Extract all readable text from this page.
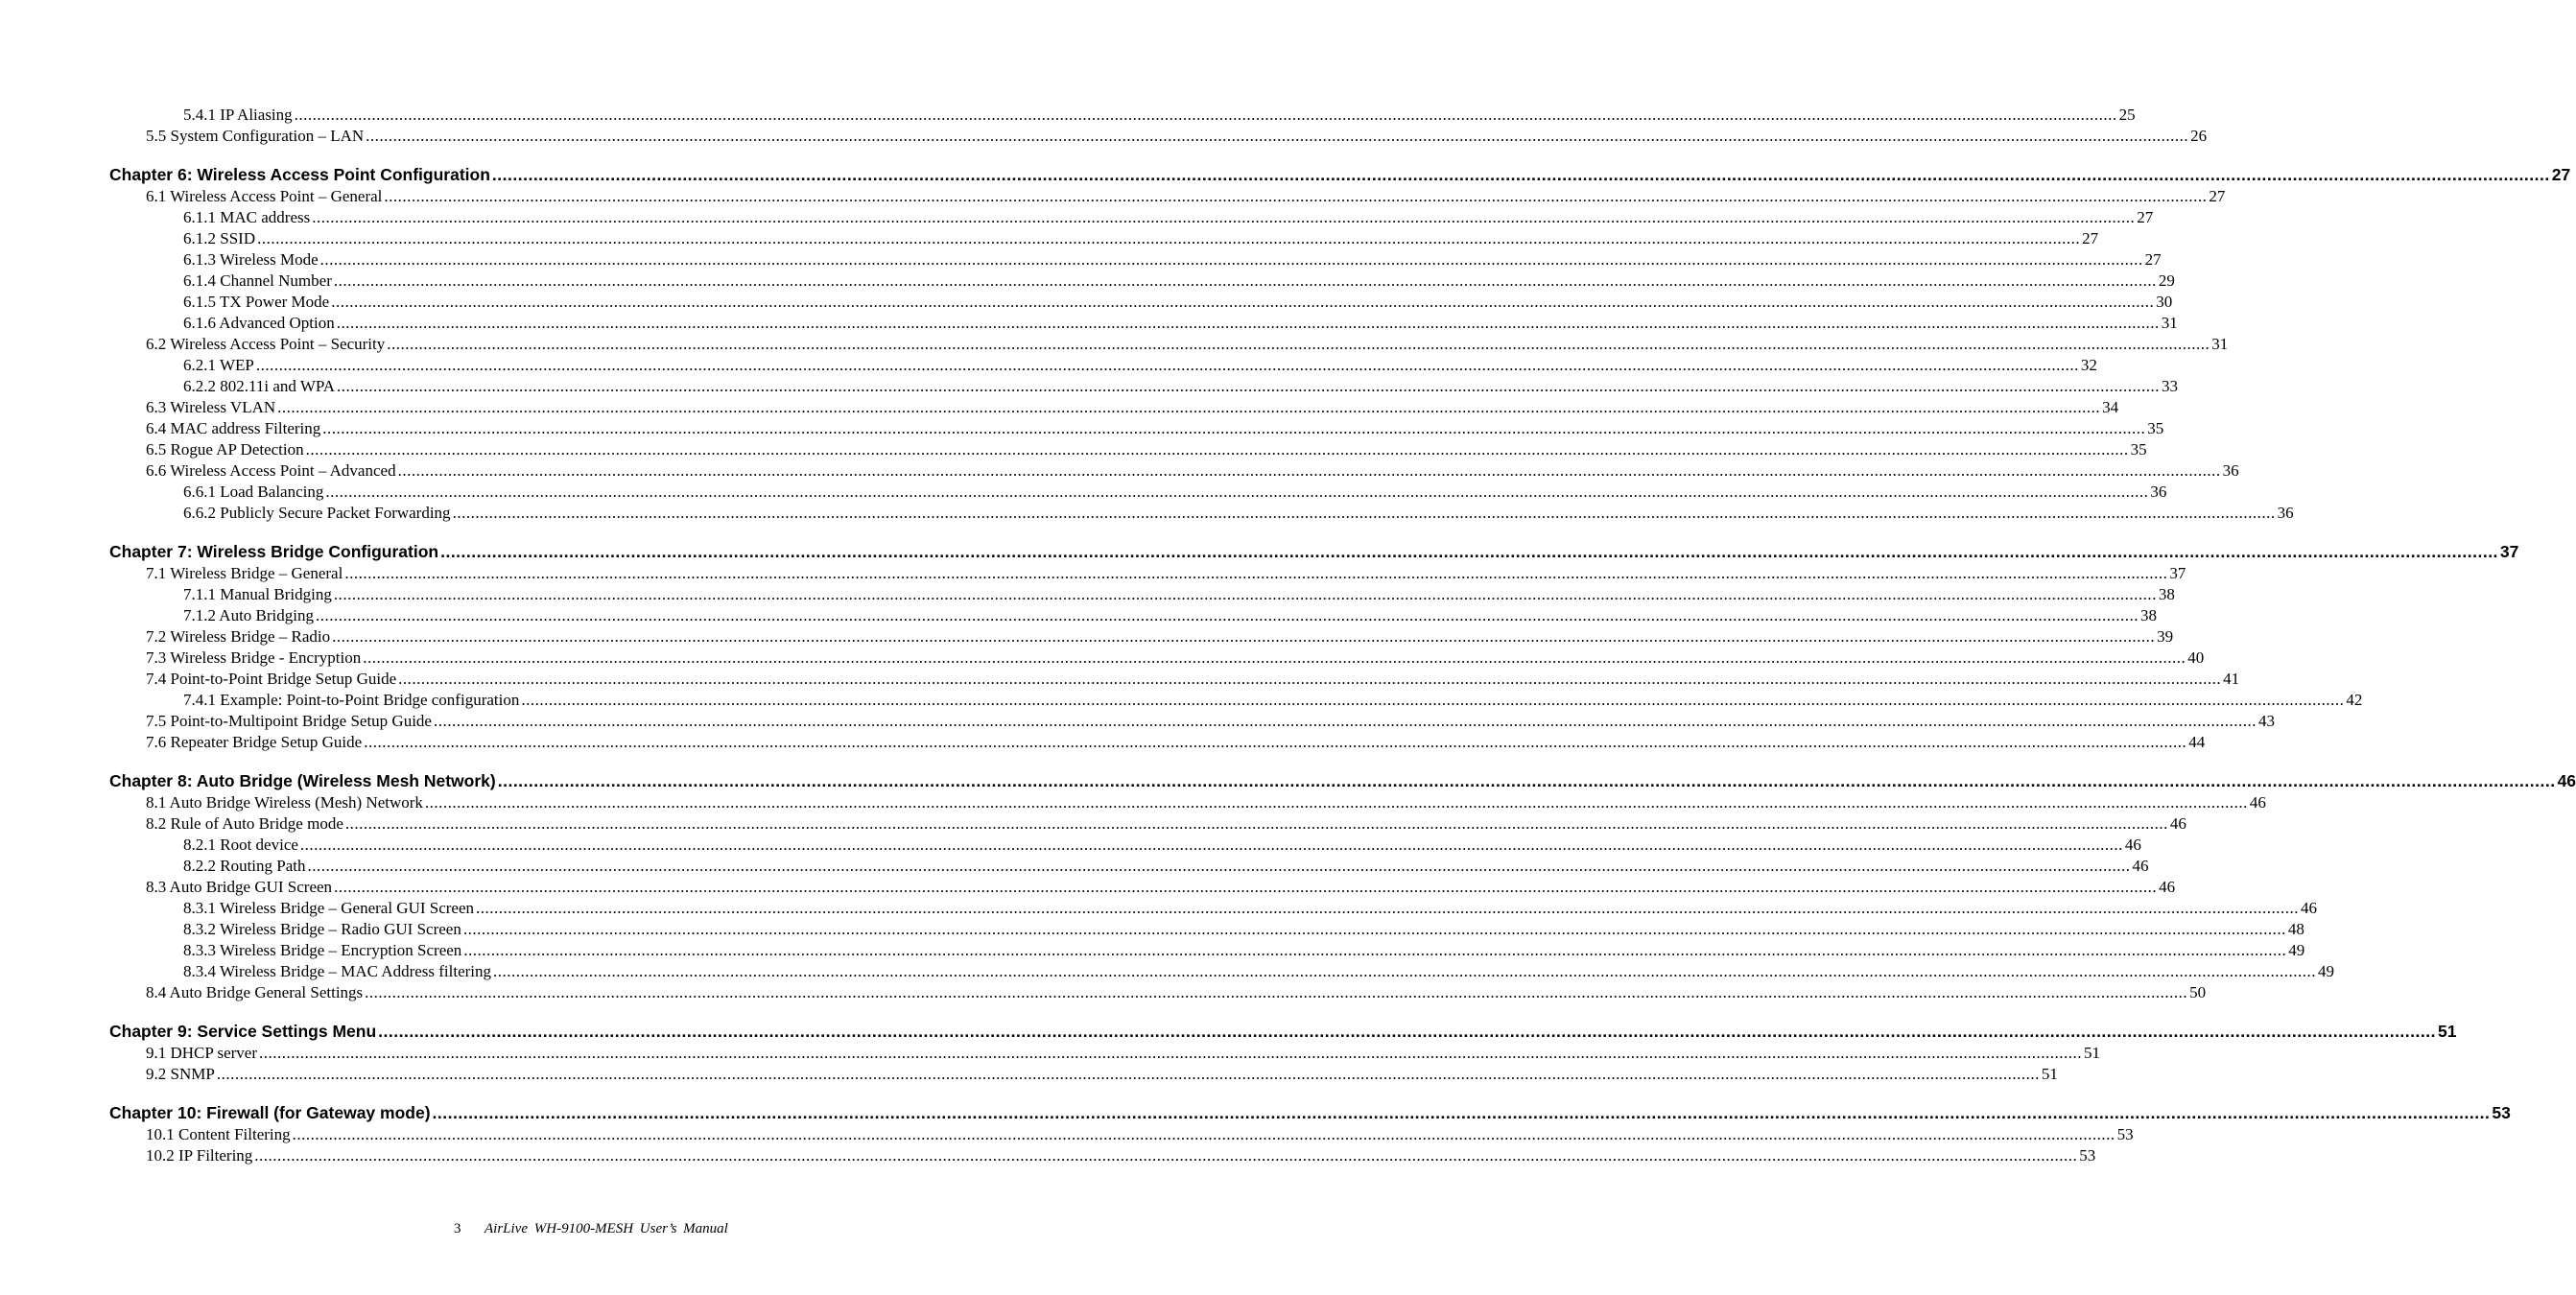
5.4.1 IP Aliasing ................................................................................................................................................................................................................................................................................................................................................................................................................ 25
5.5 System Configuration – LAN ................................................................................................................................................................................................................................................................................................................................................................................................................ 26
Chapter 6: Wireless Access Point Configuration ................................................................................................................................................................................................................................................................................................................................................................................................................ 27
6.1 Wireless Access Point – General ................................................................................................................................................................................................................................................................................................................................................................................................................ 27
6.1.1 MAC address ................................................................................................................................................................................................................................................................................................................................................................................................................ 27
6.1.2 SSID ................................................................................................................................................................................................................................................................................................................................................................................................................ 27
6.1.3 Wireless Mode ................................................................................................................................................................................................................................................................................................................................................................................................................ 27
6.1.4 Channel Number ................................................................................................................................................................................................................................................................................................................................................................................................................ 29
6.1.5 TX Power Mode ................................................................................................................................................................................................................................................................................................................................................................................................................ 30
6.1.6 Advanced Option ................................................................................................................................................................................................................................................................................................................................................................................................................ 31
6.2 Wireless Access Point – Security ................................................................................................................................................................................................................................................................................................................................................................................................................ 31
6.2.1 WEP ................................................................................................................................................................................................................................................................................................................................................................................................................ 32
6.2.2 802.11i and WPA ................................................................................................................................................................................................................................................................................................................................................................................................................ 33
6.3 Wireless VLAN ................................................................................................................................................................................................................................................................................................................................................................................................................ 34
6.4 MAC address Filtering ................................................................................................................................................................................................................................................................................................................................................................................................................ 35
6.5 Rogue AP Detection ................................................................................................................................................................................................................................................................................................................................................................................................................ 35
6.6 Wireless Access Point – Advanced ................................................................................................................................................................................................................................................................................................................................................................................................................ 36
6.6.1 Load Balancing ................................................................................................................................................................................................................................................................................................................................................................................................................ 36
6.6.2 Publicly Secure Packet Forwarding ................................................................................................................................................................................................................................................................................................................................................................................................................ 36
Chapter 7: Wireless Bridge Configuration ................................................................................................................................................................................................................................................................................................................................................................................................................ 37
7.1 Wireless Bridge – General ................................................................................................................................................................................................................................................................................................................................................................................................................ 37
7.1.1 Manual Bridging ................................................................................................................................................................................................................................................................................................................................................................................................................ 38
7.1.2 Auto Bridging ................................................................................................................................................................................................................................................................................................................................................................................................................ 38
7.2 Wireless Bridge – Radio ................................................................................................................................................................................................................................................................................................................................................................................................................ 39
7.3 Wireless Bridge - Encryption ................................................................................................................................................................................................................................................................................................................................................................................................................ 40
7.4 Point-to-Point Bridge Setup Guide ................................................................................................................................................................................................................................................................................................................................................................................................................ 41
7.4.1 Example: Point-to-Point Bridge configuration ................................................................................................................................................................................................................................................................................................................................................................................................................ 42
7.5 Point-to-Multipoint Bridge Setup Guide ................................................................................................................................................................................................................................................................................................................................................................................................................ 43
7.6 Repeater Bridge Setup Guide ................................................................................................................................................................................................................................................................................................................................................................................................................ 44
Chapter 8: Auto Bridge (Wireless Mesh Network) ................................................................................................................................................................................................................................................................................................................................................................................................................ 46
8.1 Auto Bridge Wireless (Mesh) Network ................................................................................................................................................................................................................................................................................................................................................................................................................ 46
8.2 Rule of Auto Bridge mode ................................................................................................................................................................................................................................................................................................................................................................................................................ 46
8.2.1 Root device ................................................................................................................................................................................................................................................................................................................................................................................................................ 46
8.2.2 Routing Path ................................................................................................................................................................................................................................................................................................................................................................................................................ 46
8.3 Auto Bridge GUI Screen ................................................................................................................................................................................................................................................................................................................................................................................................................ 46
8.3.1 Wireless Bridge – General GUI Screen ................................................................................................................................................................................................................................................................................................................................................................................................................ 46
8.3.2 Wireless Bridge – Radio GUI Screen ................................................................................................................................................................................................................................................................................................................................................................................................................ 48
8.3.3 Wireless Bridge – Encryption Screen ................................................................................................................................................................................................................................................................................................................................................................................................................ 49
8.3.4 Wireless Bridge – MAC Address filtering ................................................................................................................................................................................................................................................................................................................................................................................................................ 49
8.4 Auto Bridge General Settings ................................................................................................................................................................................................................................................................................................................................................................................................................ 50
Chapter 9: Service Settings Menu ................................................................................................................................................................................................................................................................................................................................................................................................................ 51
9.1 DHCP server ................................................................................................................................................................................................................................................................................................................................................................................................................ 51
9.2 SNMP ................................................................................................................................................................................................................................................................................................................................................................................................................ 51
Chapter 10: Firewall (for Gateway mode) ................................................................................................................................................................................................................................................................................................................................................................................................................ 53
10.1 Content Filtering ................................................................................................................................................................................................................................................................................................................................................................................................................ 53
10.2 IP Filtering ................................................................................................................................................................................................................................................................................................................................................................................................................ 53
3 AirLive WH-9100-MESH User’s Manual
